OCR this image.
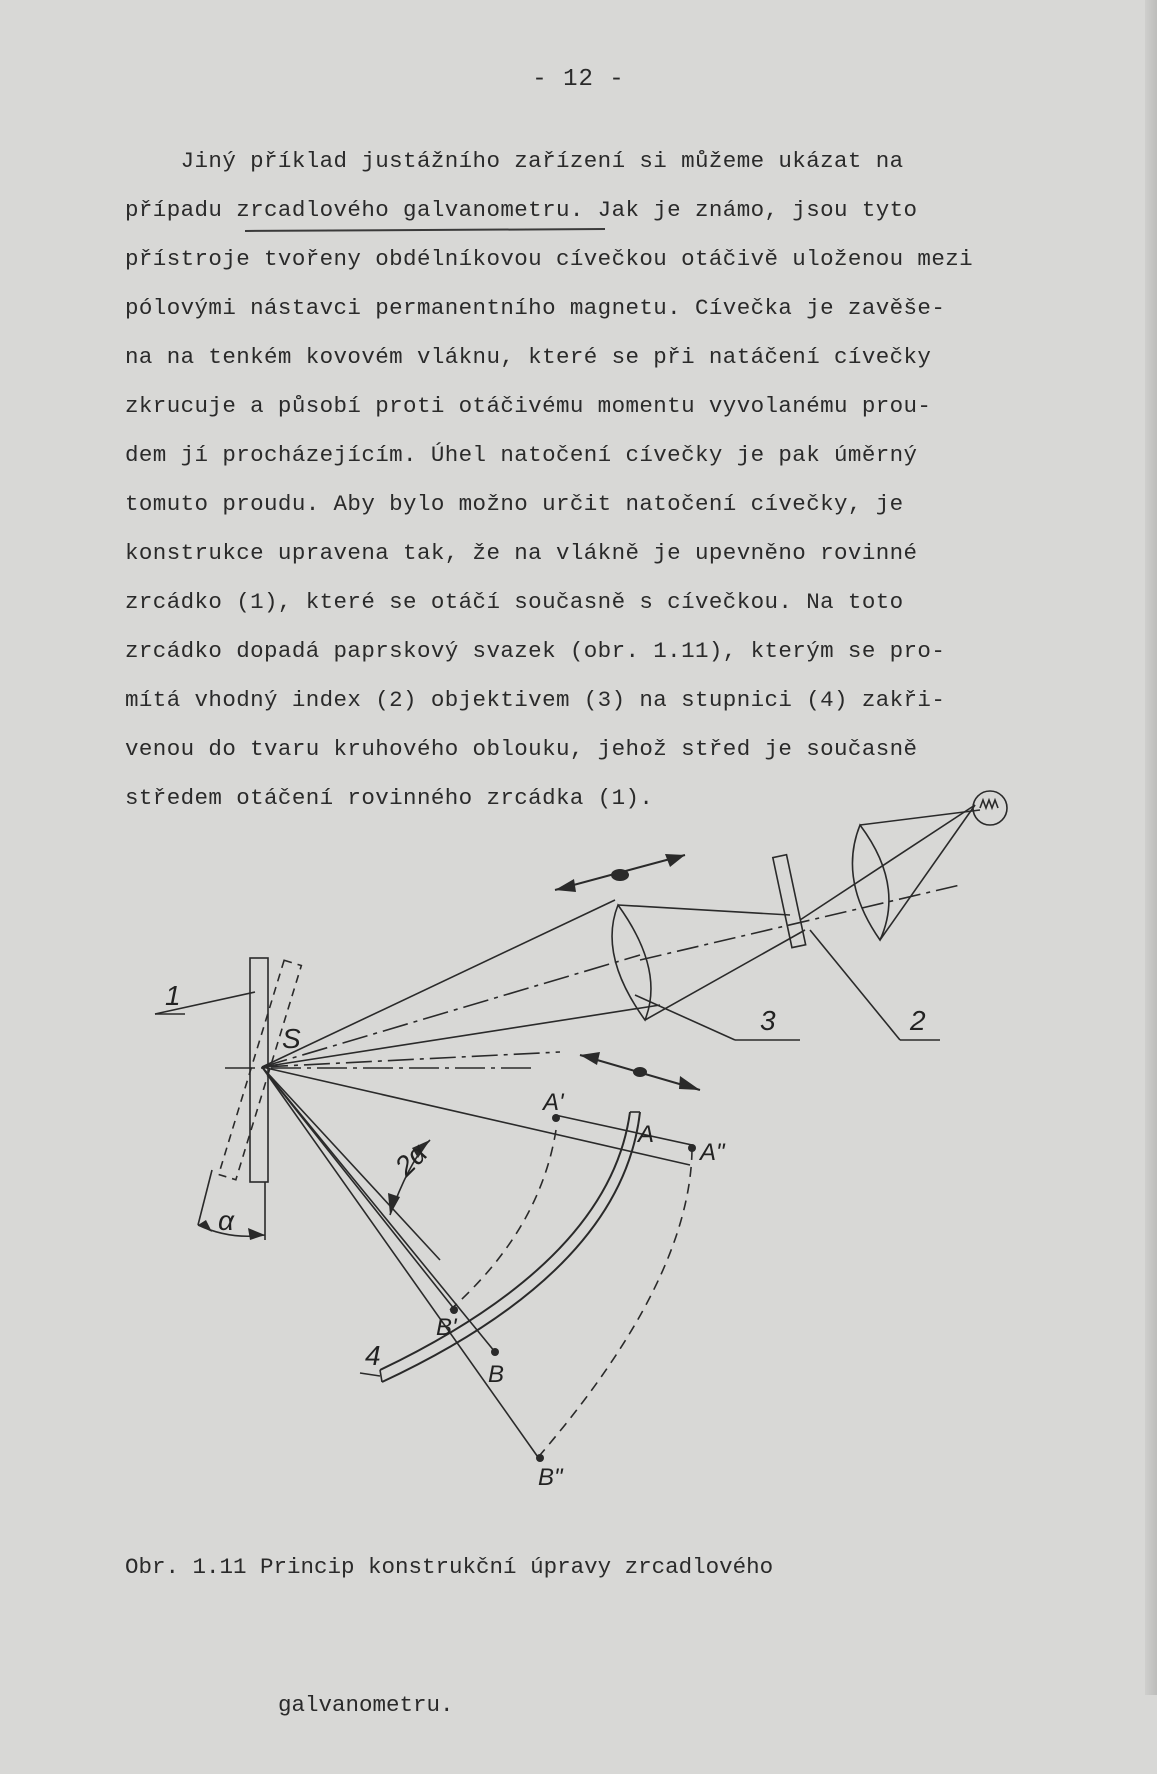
- 12 -
Jiný příklad justážního zařízení si můžeme ukázat na
případu zrcadlového galvanometru. Jak je známo, jsou tyto
přístroje tvořeny obdélníkovou cívečkou otáčivě uloženou mezi
pólovými nástavci permanentního magnetu. Cívečka je zavěše-
na na tenkém kovovém vláknu, které se při natáčení cívečky
zkrucuje a působí proti otáčivému momentu vyvolanému prou-
dem jí procházejícím. Úhel natočení cívečky je pak úměrný
tomuto proudu. Aby bylo možno určit natočení cívečky, je
konstrukce upravena tak, že na vlákně je upevněno rovinné
zrcádko (1), které se otáčí současně s cívečkou. Na toto
zrcádko dopadá paprskový svazek (obr. 1.11), kterým se pro-
mítá vhodný index (2) objektivem (3) na stupnici (4) zakři-
venou do tvaru kruhového oblouku, jehož střed je současně
středem otáčení rovinného zrcádka (1).
1
2
3
4
S
α
2α
A
A'
A"
B
B'
B"

Obr. 1.11 Princip konstrukční úpravy zrcadlového

galvanometru.
